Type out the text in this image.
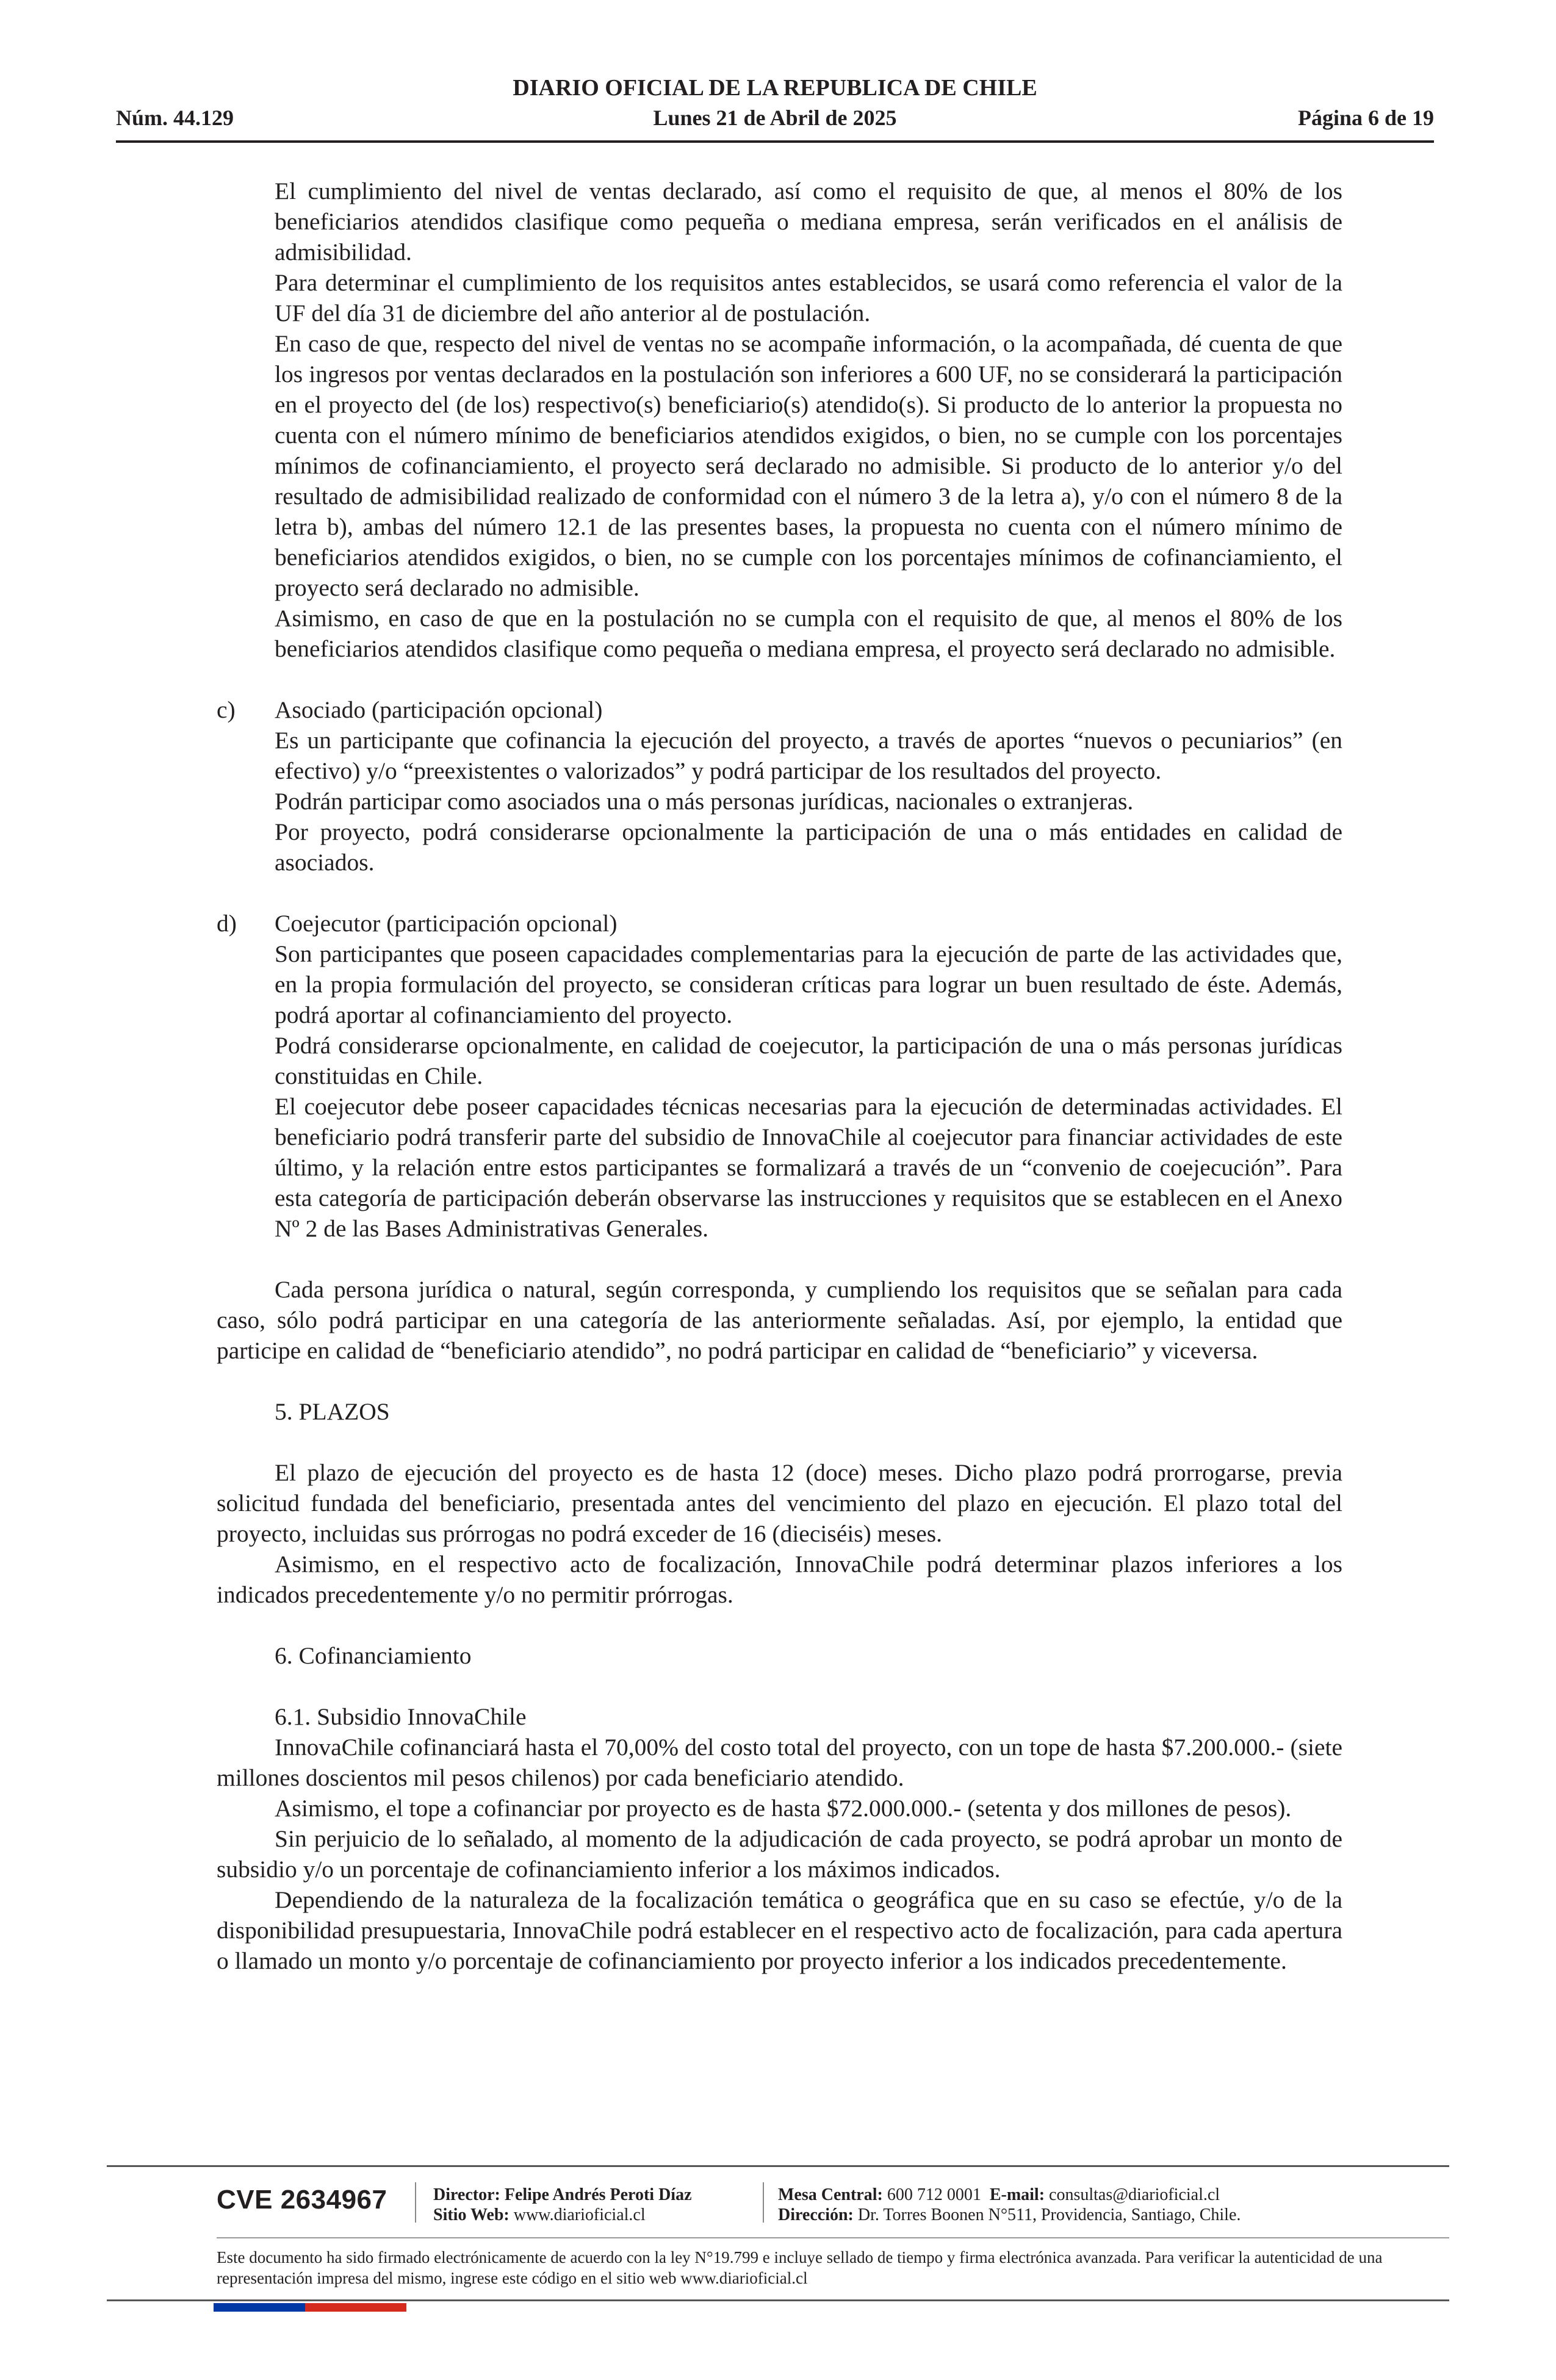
DIARIO OFICIAL DE LA REPUBLICA DE CHILE
Núm. 44.129	Lunes 21 de Abril de 2025	Página 6 de 19

El cumplimiento del nivel de ventas declarado, así como el requisito de que, al menos el 80% de los beneficiarios atendidos clasifique como pequeña o mediana empresa, serán verificados en el análisis de admisibilidad.

Para determinar el cumplimiento de los requisitos antes establecidos, se usará como referencia el valor de la UF del día 31 de diciembre del año anterior al de postulación.

En caso de que, respecto del nivel de ventas no se acompañe información, o la acompañada, dé cuenta de que los ingresos por ventas declarados en la postulación son inferiores a 600 UF, no se considerará la participación en el proyecto del (de los) respectivo(s) beneficiario(s) atendido(s). Si producto de lo anterior la propuesta no cuenta con el número mínimo de beneficiarios atendidos exigidos, o bien, no se cumple con los porcentajes mínimos de cofinanciamiento, el proyecto será declarado no admisible. Si producto de lo anterior y/o del resultado de admisibilidad realizado de conformidad con el número 3 de la letra a), y/o con el número 8 de la letra b), ambas del número 12.1 de las presentes bases, la propuesta no cuenta con el número mínimo de beneficiarios atendidos exigidos, o bien, no se cumple con los porcentajes mínimos de cofinanciamiento, el proyecto será declarado no admisible.

Asimismo, en caso de que en la postulación no se cumpla con el requisito de que, al menos el 80% de los beneficiarios atendidos clasifique como pequeña o mediana empresa, el proyecto será declarado no admisible.

c) Asociado (participación opcional)

Es un participante que cofinancia la ejecución del proyecto, a través de aportes “nuevos o pecuniarios” (en efectivo) y/o “preexistentes o valorizados” y podrá participar de los resultados del proyecto.

Podrán participar como asociados una o más personas jurídicas, nacionales o extranjeras.

Por proyecto, podrá considerarse opcionalmente la participación de una o más entidades en calidad de asociados.

d) Coejecutor (participación opcional)

Son participantes que poseen capacidades complementarias para la ejecución de parte de las actividades que, en la propia formulación del proyecto, se consideran críticas para lograr un buen resultado de éste. Además, podrá aportar al cofinanciamiento del proyecto.

Podrá considerarse opcionalmente, en calidad de coejecutor, la participación de una o más personas jurídicas constituidas en Chile.

El coejecutor debe poseer capacidades técnicas necesarias para la ejecución de determinadas actividades. El beneficiario podrá transferir parte del subsidio de InnovaChile al coejecutor para financiar actividades de este último, y la relación entre estos participantes se formalizará a través de un “convenio de coejecución”. Para esta categoría de participación deberán observarse las instrucciones y requisitos que se establecen en el Anexo Nº 2 de las Bases Administrativas Generales.

Cada persona jurídica o natural, según corresponda, y cumpliendo los requisitos que se señalan para cada caso, sólo podrá participar en una categoría de las anteriormente señaladas. Así, por ejemplo, la entidad que participe en calidad de “beneficiario atendido”, no podrá participar en calidad de “beneficiario” y viceversa.

5. PLAZOS

El plazo de ejecución del proyecto es de hasta 12 (doce) meses. Dicho plazo podrá prorrogarse, previa solicitud fundada del beneficiario, presentada antes del vencimiento del plazo en ejecución. El plazo total del proyecto, incluidas sus prórrogas no podrá exceder de 16 (dieciséis) meses.

Asimismo, en el respectivo acto de focalización, InnovaChile podrá determinar plazos inferiores a los indicados precedentemente y/o no permitir prórrogas.

6. Cofinanciamiento

6.1. Subsidio InnovaChile

InnovaChile cofinanciará hasta el 70,00% del costo total del proyecto, con un tope de hasta $7.200.000.- (siete millones doscientos mil pesos chilenos) por cada beneficiario atendido.

Asimismo, el tope a cofinanciar por proyecto es de hasta $72.000.000.- (setenta y dos millones de pesos).

Sin perjuicio de lo señalado, al momento de la adjudicación de cada proyecto, se podrá aprobar un monto de subsidio y/o un porcentaje de cofinanciamiento inferior a los máximos indicados.

Dependiendo de la naturaleza de la focalización temática o geográfica que en su caso se efectúe, y/o de la disponibilidad presupuestaria, InnovaChile podrá establecer en el respectivo acto de focalización, para cada apertura o llamado un monto y/o porcentaje de cofinanciamiento por proyecto inferior a los indicados precedentemente.

CVE 2634967	Director: Felipe Andrés Peroti Díaz
Sitio Web: www.diarioficial.cl
Mesa Central: 600 712 0001 E-mail: consultas@diarioficial.cl
Dirección: Dr. Torres Boonen N°511, Providencia, Santiago, Chile.
Este documento ha sido firmado electrónicamente de acuerdo con la ley N°19.799 e incluye sellado de tiempo y firma electrónica avanzada. Para verificar la autenticidad de una representación impresa del mismo, ingrese este código en el sitio web www.diarioficial.cl
